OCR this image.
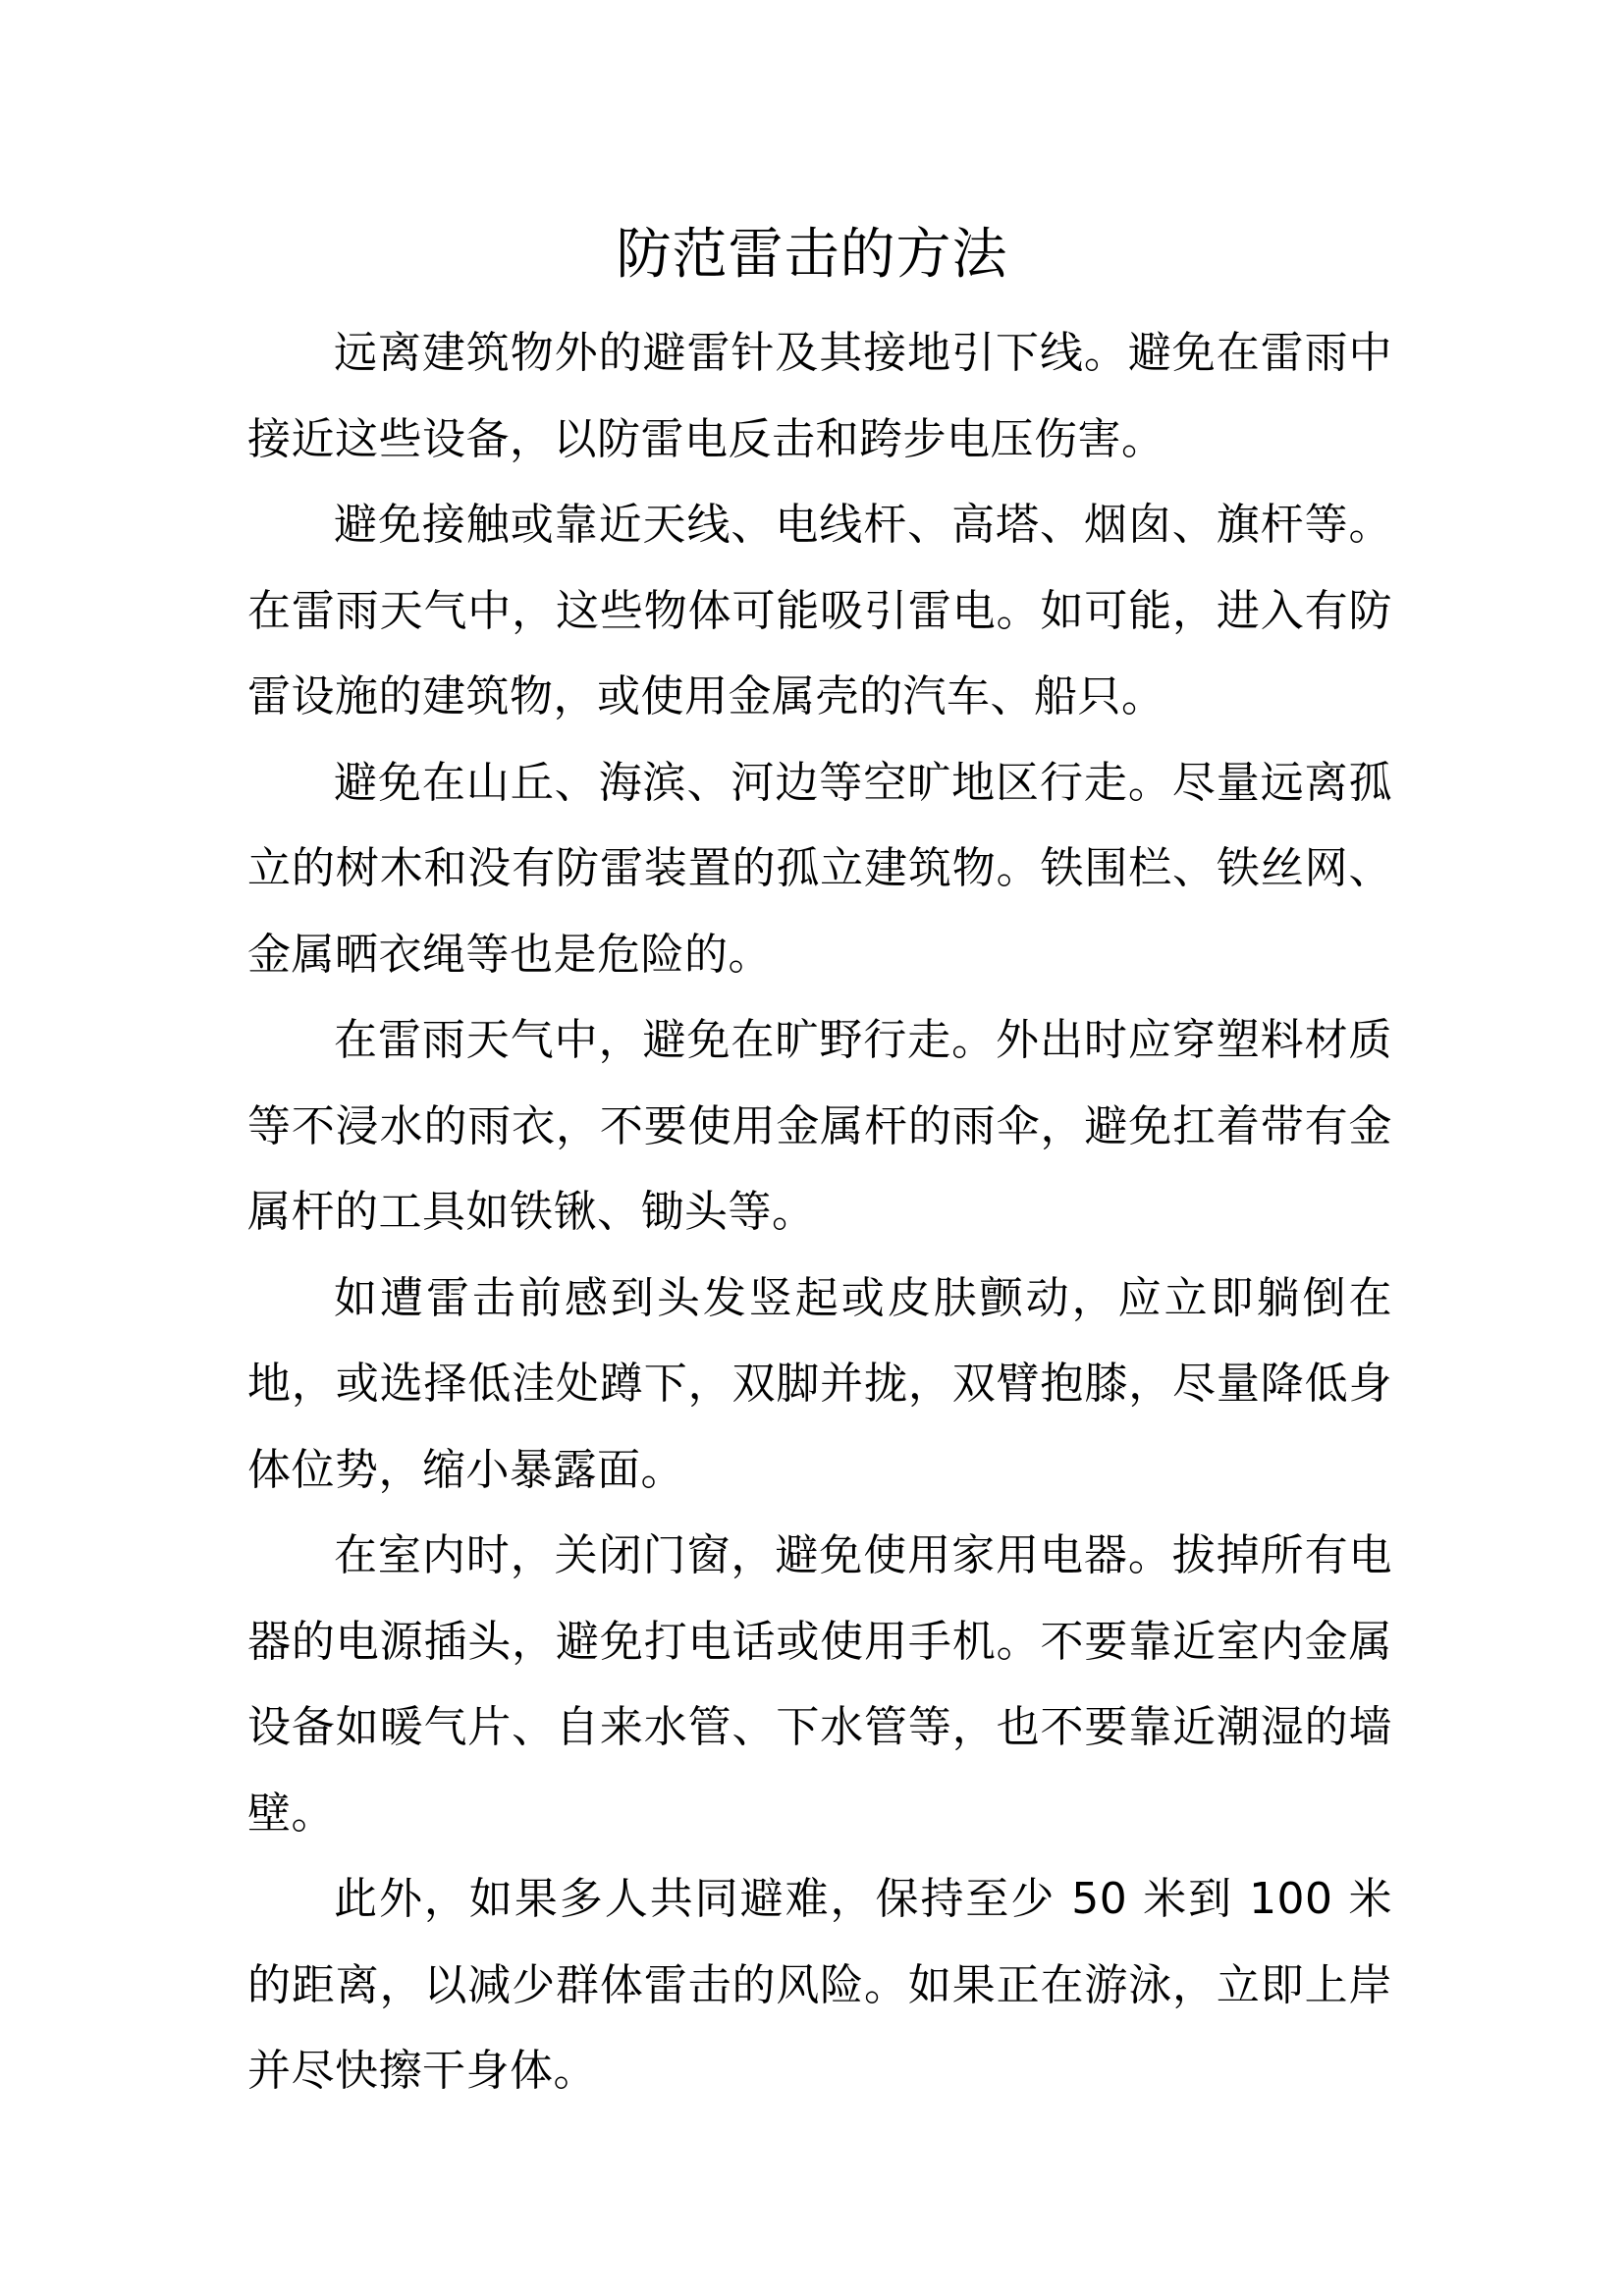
防范雷击的方法

远离建筑物外的避雷针及其接地引下线。避免在雷雨中接近这些设备，以防雷电反击和跨步电压伤害。

避免接触或靠近天线、电线杆、高塔、烟囱、旗杆等。在雷雨天气中，这些物体可能吸引雷电。如可能，进入有防雷设施的建筑物，或使用金属壳的汽车、船只。

避免在山丘、海滨、河边等空旷地区行走。尽量远离孤立的树木和没有防雷装置的孤立建筑物。铁围栏、铁丝网、金属晒衣绳等也是危险的。

在雷雨天气中，避免在旷野行走。外出时应穿塑料材质等不浸水的雨衣，不要使用金属杆的雨伞，避免扛着带有金属杆的工具如铁锹、锄头等。

如遭雷击前感到头发竖起或皮肤颤动，应立即躺倒在地，或选择低洼处蹲下，双脚并拢，双臂抱膝，尽量降低身体位势，缩小暴露面。

在室内时，关闭门窗，避免使用家用电器。拔掉所有电器的电源插头，避免打电话或使用手机。不要靠近室内金属设备如暖气片、自来水管、下水管等，也不要靠近潮湿的墙壁。

此外，如果多人共同避难，保持至少 50 米到 100 米的距离，以减少群体雷击的风险。如果正在游泳，立即上岸并尽快擦干身体。
